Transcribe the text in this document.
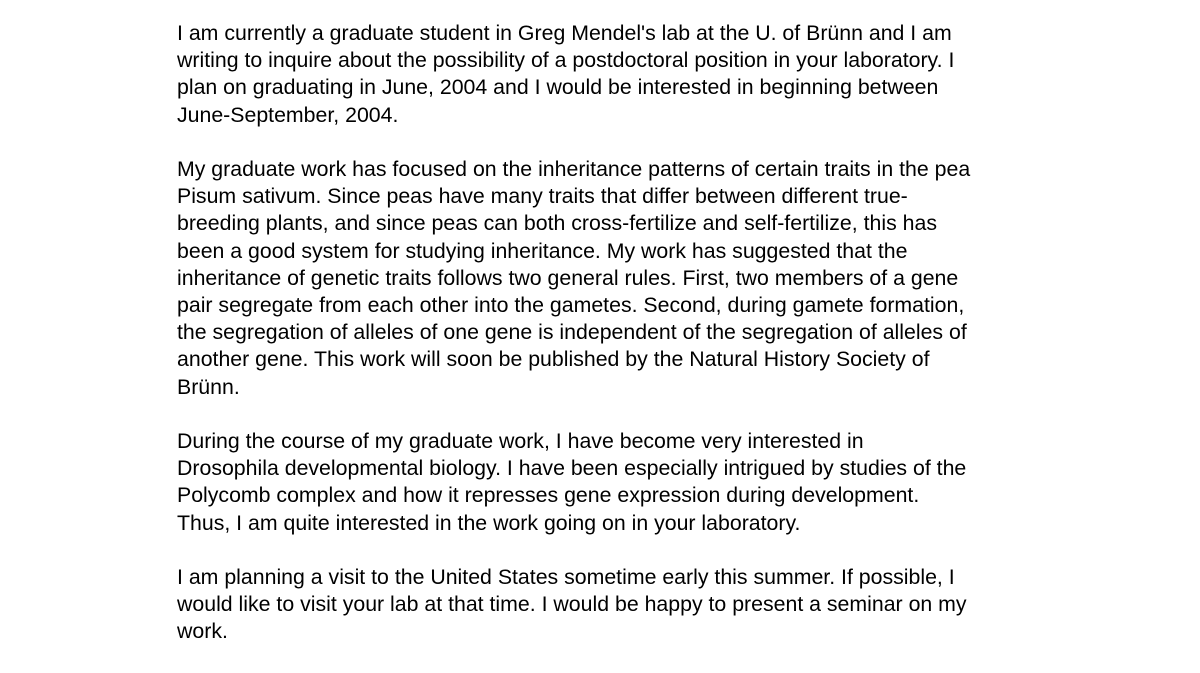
I am currently a graduate student in Greg Mendel's lab at the U. of Brünn and I am
writing to inquire about the possibility of a postdoctoral position in your laboratory. I
plan on graduating in June, 2004 and I would be interested in beginning between
June-September, 2004.

My graduate work has focused on the inheritance patterns of certain traits in the pea
Pisum sativum. Since peas have many traits that differ between different true-
breeding plants, and since peas can both cross-fertilize and self-fertilize, this has
been a good system for studying inheritance. My work has suggested that the
inheritance of genetic traits follows two general rules. First, two members of a gene
pair segregate from each other into the gametes. Second, during gamete formation,
the segregation of alleles of one gene is independent of the segregation of alleles of
another gene. This work will soon be published by the Natural History Society of
Brünn.

During the course of my graduate work, I have become very interested in
Drosophila developmental biology. I have been especially intrigued by studies of the
Polycomb complex and how it represses gene expression during development.
Thus, I am quite interested in the work going on in your laboratory.

I am planning a visit to the United States sometime early this summer. If possible, I
would like to visit your lab at that time. I would be happy to present a seminar on my
work.
